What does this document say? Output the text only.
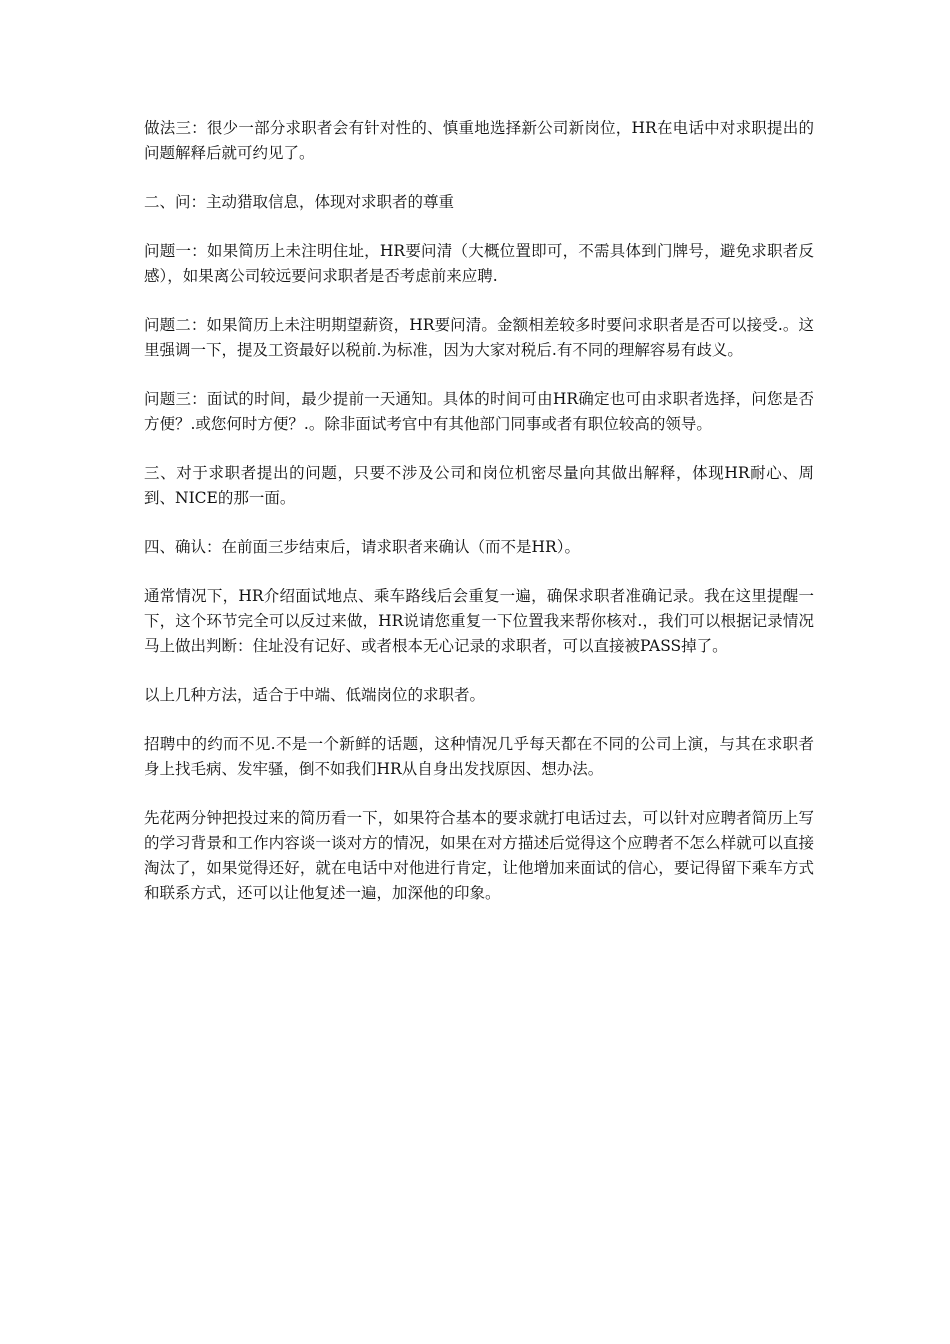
做法三：很少一部分求职者会有针对性的、慎重地选择新公司新岗位，HR在电话中对求职提出的问题解释后就可约见了。

二、问：主动猎取信息，体现对求职者的尊重

问题一：如果简历上未注明住址，HR要问清（大概位置即可，不需具体到门牌号，避免求职者反感），如果离公司较远要问求职者是否考虑前来应聘.

问题二：如果简历上未注明期望薪资，HR要问清。金额相差较多时要问求职者是否可以接受.。这里强调一下，提及工资最好以税前.为标准，因为大家对税后.有不同的理解容易有歧义。

问题三：面试的时间，最少提前一天通知。具体的时间可由HR确定也可由求职者选择，问您是否方便？.或您何时方便？.。除非面试考官中有其他部门同事或者有职位较高的领导。

三、对于求职者提出的问题，只要不涉及公司和岗位机密尽量向其做出解释，体现HR耐心、周到、NICE的那一面。

四、确认：在前面三步结束后，请求职者来确认（而不是HR）。

通常情况下，HR介绍面试地点、乘车路线后会重复一遍，确保求职者准确记录。我在这里提醒一下，这个环节完全可以反过来做，HR说请您重复一下位置我来帮你核对.，我们可以根据记录情况马上做出判断：住址没有记好、或者根本无心记录的求职者，可以直接被PASS掉了。

以上几种方法，适合于中端、低端岗位的求职者。

招聘中的约而不见.不是一个新鲜的话题，这种情况几乎每天都在不同的公司上演，与其在求职者身上找毛病、发牢骚，倒不如我们HR从自身出发找原因、想办法。

先花两分钟把投过来的简历看一下，如果符合基本的要求就打电话过去，可以针对应聘者简历上写的学习背景和工作内容谈一谈对方的情况，如果在对方描述后觉得这个应聘者不怎么样就可以直接淘汰了，如果觉得还好，就在电话中对他进行肯定，让他增加来面试的信心，要记得留下乘车方式和联系方式，还可以让他复述一遍，加深他的印象。
